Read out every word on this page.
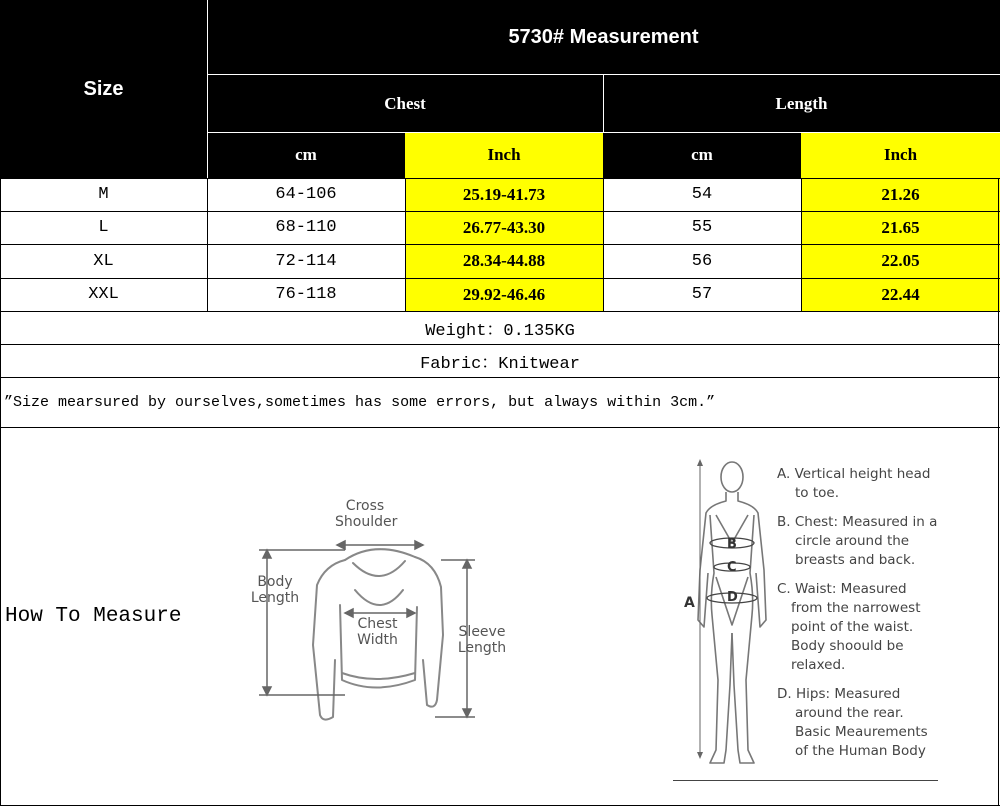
Size
5730# Measurement
Chest	Length
cm	Inch	cm	Inch
M	64-106	25.19-41.73	54	21.26
L	68-110	26.77-43.30	55	21.65
XL	72-114	28.34-44.88	56	22.05
XXL	76-118	29.92-46.46	57	22.44
Weight：0.135KG
Fabric：Knitwear
”Size mearsured by ourselves,sometimes has some errors, but always within 3cm.”
How To Measure
Cross
Shoulder
Body
Length
Chest
Width	Sleeve
Length
A
B
C
D
A. Vertical height head
to toe.
B. Chest: Measured in a
circle around the
breasts and back.
C. Waist: Measured
from the narrowest
point of the waist.
Body shoould be
relaxed.
D. Hips: Measured
around the rear.
Basic Meaurements
of the Human Body
